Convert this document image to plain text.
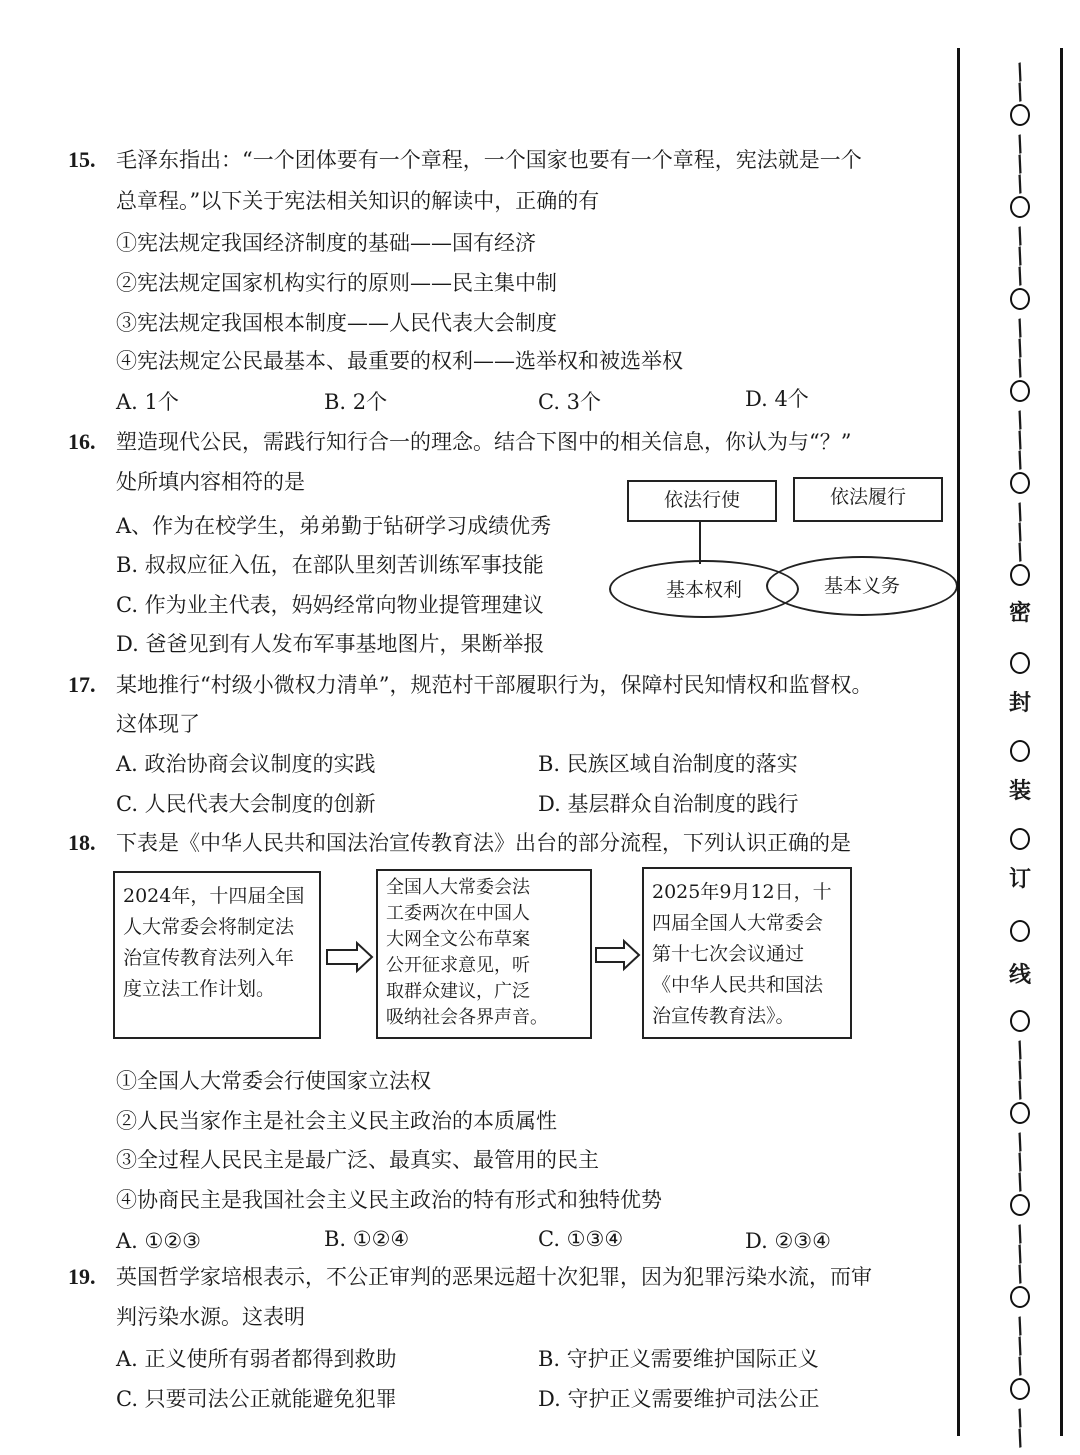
15. 毛泽东指出：“一个团体要有一个章程，一个国家也要有一个章程，宪法就是一个
总章程。”以下关于宪法相关知识的解读中，正确的有
①宪法规定我国经济制度的基础——国有经济
②宪法规定国家机构实行的原则——民主集中制
③宪法规定我国根本制度——人民代表大会制度
④宪法规定公民最基本、最重要的权利——选举权和被选举权
A. 1个	B. 2个	C. 3个	D. 4个
16. 塑造现代公民，需践行知行合一的理念。结合下图中的相关信息，你认为与“？”
处所填内容相符的是
A、作为在校学生，弟弟勤于钻研学习成绩优秀
B. 叔叔应征入伍，在部队里刻苦训练军事技能
C. 作为业主代表，妈妈经常向物业提管理建议
D. 爸爸见到有人发布军事基地图片，果断举报
依法行使	依法履行
基本权利	基本义务
17. 某地推行“村级小微权力清单”，规范村干部履职行为，保障村民知情权和监督权。
这体现了
A. 政治协商会议制度的实践	B. 民族区域自治制度的落实
C. 人民代表大会制度的创新	D. 基层群众自治制度的践行
18. 下表是《中华人民共和国法治宣传教育法》出台的部分流程，下列认识正确的是
2024年，十四届全国
人大常委会将制定法
治宣传教育法列入年
度立法工作计划。
全国人大常委会法
工委两次在中国人
大网全文公布草案
公开征求意见，听
取群众建议，广泛
吸纳社会各界声音。
2025年9月12日，十
四届全国人大常委会
第十七次会议通过
《中华人民共和国法
治宣传教育法》。
①全国人大常委会行使国家立法权
②人民当家作主是社会主义民主政治的本质属性
③全过程人民民主是最广泛、最真实、最管用的民主
④协商民主是我国社会主义民主政治的特有形式和独特优势
A. ①②③	B. ①②④	C. ①③④	D. ②③④
19. 英国哲学家培根表示，不公正审判的恶果远超十次犯罪，因为犯罪污染水流，而审
判污染水源。这表明
A. 正义使所有弱者都得到救助	B. 守护正义需要维护国际正义
C. 只要司法公正就能避免犯罪	D. 守护正义需要维护司法公正
/
/
/
/
/
/
/
/
/
/
/
/
/
/
/
/
/
密
封
装
订
线
/
/
/
/
/
/
/
/
/
/
/
/
/
/
